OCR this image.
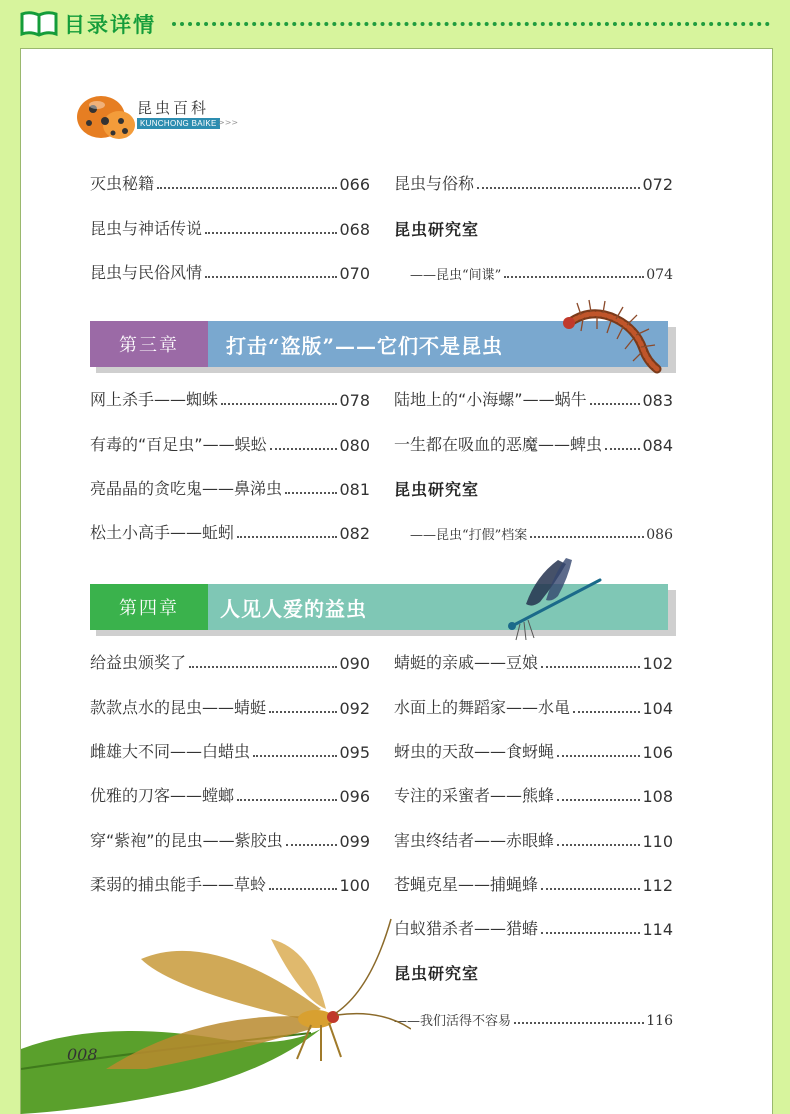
目录详情
昆虫百科
KUNCHONG BAIKE >>>
灭虫秘籍	066
昆虫与神话传说	068
昆虫与民俗风情	070
昆虫与俗称	072
昆虫研究室
——昆虫“间谍”	074
第三章	打击“盗版”——它们不是昆虫
网上杀手——蜘蛛	078
有毒的“百足虫”——蜈蚣	080
亮晶晶的贪吃鬼——鼻涕虫	081
松土小高手——蚯蚓	082
陆地上的“小海螺”——蜗牛	083
一生都在吸血的恶魔——蜱虫	084
昆虫研究室
——昆虫“打假”档案	086
第四章	人见人爱的益虫
给益虫颁奖了	090
款款点水的昆虫——蜻蜓	092
雌雄大不同——白蜡虫	095
优雅的刀客——螳螂	096
穿“紫袍”的昆虫——紫胶虫	099
柔弱的捕虫能手——草蛉	100
蜻蜓的亲戚——豆娘	102
水面上的舞蹈家——水黾	104
蚜虫的天敌——食蚜蝇	106
专注的采蜜者——熊蜂	108
害虫终结者——赤眼蜂	110
苍蝇克星——捕蝇蜂	112
白蚁猎杀者——猎蝽	114
昆虫研究室
——我们活得不容易	116
008
